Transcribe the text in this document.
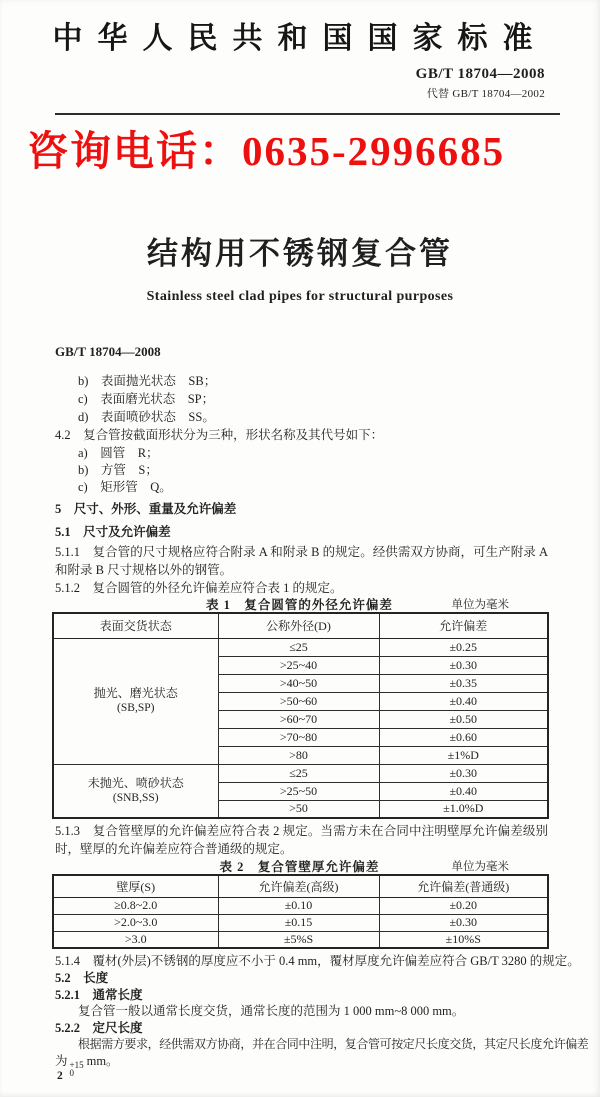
中华人民共和国国家标准
GB/T 18704—2008
代替 GB/T 18704—2002
咨询电话：0635-2996685
结构用不锈钢复合管
Stainless steel clad pipes for structural purposes
GB/T 18704—2008
b)　表面抛光状态　SB；
c)　表面磨光状态　SP；
d)　表面喷砂状态　SS。
4.2　复合管按截面形状分为三种，形状名称及其代号如下：
a)　圆管　R；
b)　方管　S；
c)　矩形管　Q。
5　尺寸、外形、重量及允许偏差
5.1　尺寸及允许偏差
5.1.1　复合管的尺寸规格应符合附录 A 和附录 B 的规定。经供需双方协商，可生产附录 A 和附录 B 尺寸规格以外的钢管。
5.1.2　复合圆管的外径允许偏差应符合表 1 的规定。
表 1　复合圆管的外径允许偏差	单位为毫米
表面交货状态	公称外径(D)	允许偏差

抛光、磨光状态
(SB,SP)	≤25	±0.25
	>25~40	±0.30
	>40~50	±0.35
	>50~60	±0.40
	>60~70	±0.50
	>70~80	±0.60
	>80	±1%D

未抛光、喷砂状态
(SNB,SS)	≤25	±0.30
	>25~50	±0.40
	>50	±1.0%D
5.1.3　复合管壁厚的允许偏差应符合表 2 规定。当需方未在合同中注明壁厚允许偏差级别时，壁厚的允许偏差应符合普通级的规定。
表 2　复合管壁厚允许偏差	单位为毫米
壁厚(S)	允许偏差(高级)	允许偏差(普通级)
≥0.8~2.0	±0.10	±0.20
>2.0~3.0	±0.15	±0.30
>3.0	±5%S	±10%S
5.1.4　覆材(外层)不锈钢的厚度应不小于 0.4 mm，覆材厚度允许偏差应符合 GB/T 3280 的规定。
5.2　长度
5.2.1　通常长度
复合管一般以通常长度交货，通常长度的范围为 1 000 mm~8 000 mm。
5.2.2　定尺长度
根据需方要求，经供需双方协商，并在合同中注明，复合管可按定尺长度交货，其定尺长度允许偏差
为 +15
0
mm。
2
